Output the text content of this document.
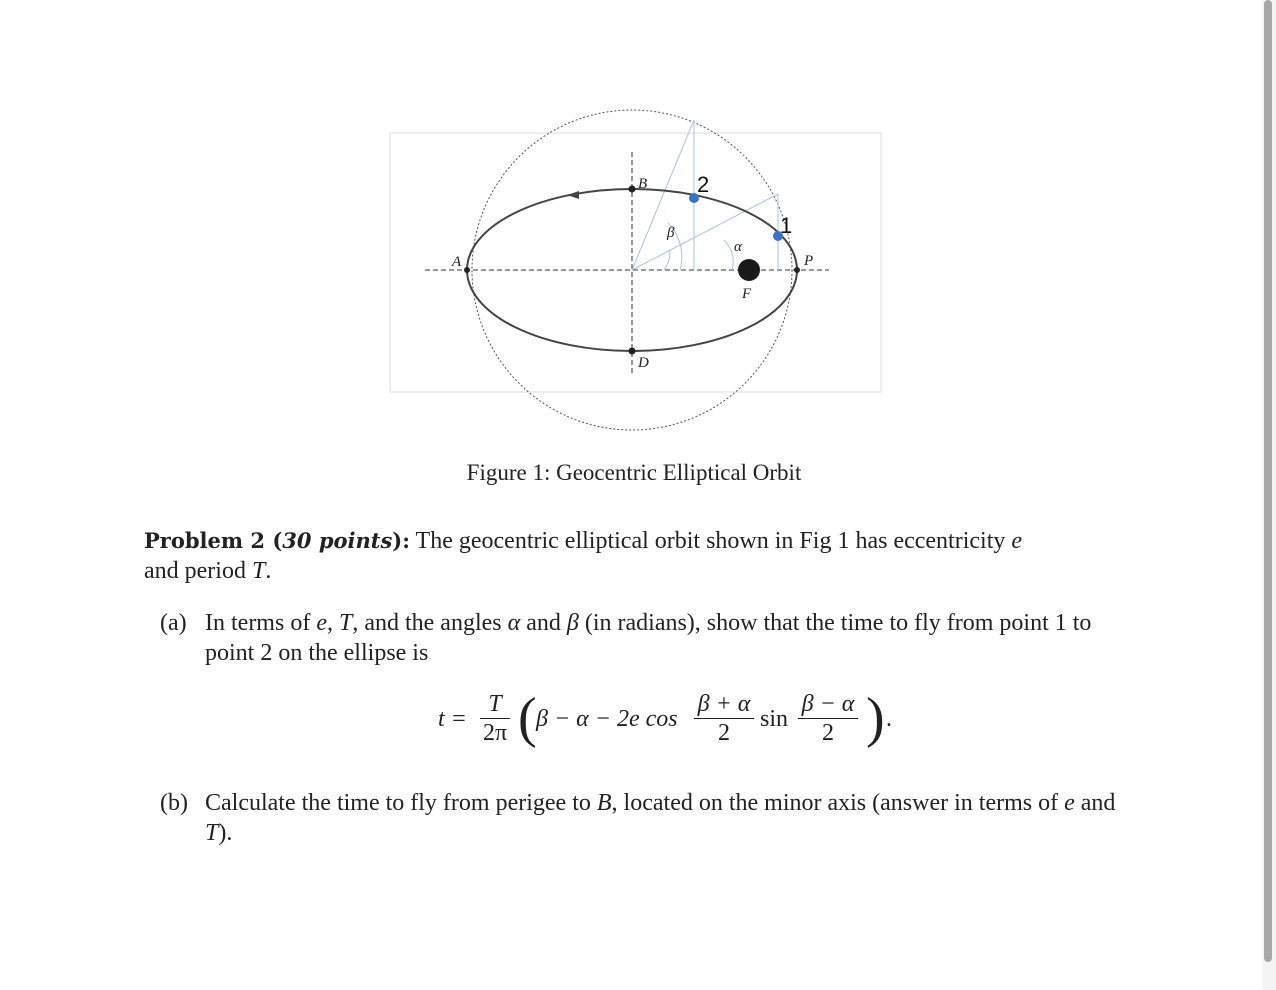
A
B
D
P
F
β
α
2
1
Figure 1: Geocentric Elliptical Orbit
Problem 2 (30 points): The geocentric elliptical orbit shown in Fig 1 has eccentricity e
and period T.
(a) In terms of e, T, and the angles α and β (in radians), show that the time to fly from point 1 to point 2 on the ellipse is
$t = \frac{T}{2\pi}$ ( β − α − 2e $\cos \frac{\beta + \alpha}{2}$ $\sin \frac{\beta - \alpha}{2}$ ) .
(b) Calculate the time to fly from perigee to B, located on the minor axis (answer in terms of e and T).
